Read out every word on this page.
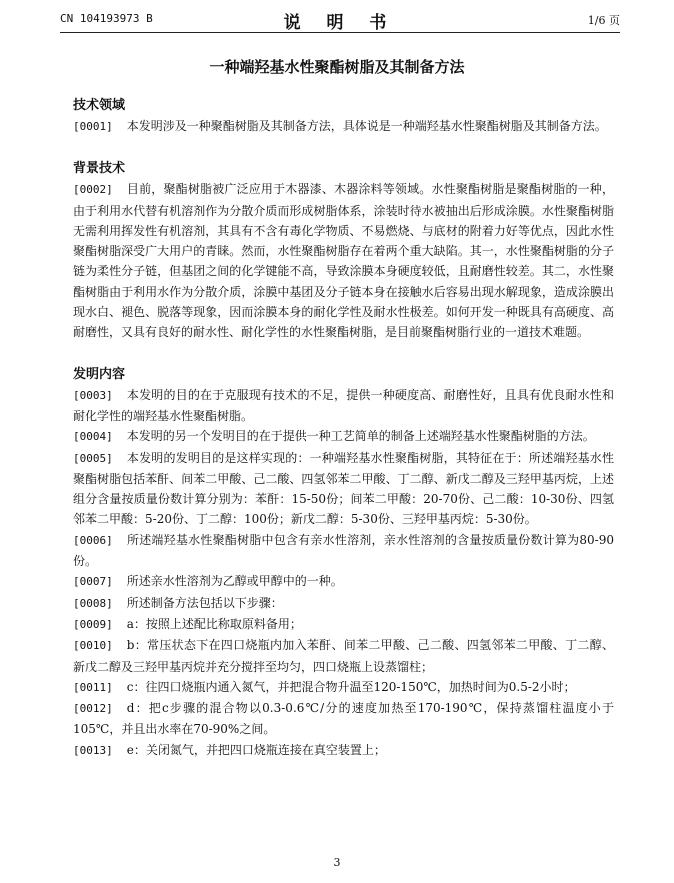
CN 104193973 B	说 明 书	1/6 页
一种端羟基水性聚酯树脂及其制备方法
技术领域

[0001] 本发明涉及一种聚酯树脂及其制备方法，具体说是一种端羟基水性聚酯树脂及其制备方法。

背景技术

[0002] 目前，聚酯树脂被广泛应用于木器漆、木器涂料等领域。水性聚酯树脂是聚酯树脂的一种，由于利用水代替有机溶剂作为分散介质而形成树脂体系，涂装时待水被抽出后形成涂膜。水性聚酯树脂无需利用挥发性有机溶剂，其具有不含有毒化学物质、不易燃烧、与底材的附着力好等优点，因此水性聚酯树脂深受广大用户的青睐。然而，水性聚酯树脂存在着两个重大缺陷。其一，水性聚酯树脂的分子链为柔性分子链，但基团之间的化学键能不高，导致涂膜本身硬度较低，且耐磨性较差。其二，水性聚酯树脂由于利用水作为分散介质，涂膜中基团及分子链本身在接触水后容易出现水解现象，造成涂膜出现水白、褪色、脱落等现象，因而涂膜本身的耐化学性及耐水性极差。如何开发一种既具有高硬度、高耐磨性，又具有良好的耐水性、耐化学性的水性聚酯树脂，是目前聚酯树脂行业的一道技术难题。

发明内容

[0003] 本发明的目的在于克服现有技术的不足，提供一种硬度高、耐磨性好，且具有优良耐水性和耐化学性的端羟基水性聚酯树脂。

[0004] 本发明的另一个发明目的在于提供一种工艺简单的制备上述端羟基水性聚酯树脂的方法。

[0005] 本发明的发明目的是这样实现的：一种端羟基水性聚酯树脂，其特征在于：所述端羟基水性聚酯树脂包括苯酐、间苯二甲酸、己二酸、四氢邻苯二甲酸、丁二醇、新戊二醇及三羟甲基丙烷，上述组分含量按质量份数计算分别为：苯酐：15-50份；间苯二甲酸：20-70份、己二酸：10-30份、四氢邻苯二甲酸：5-20份、丁二醇：100份；新戊二醇：5-30份、三羟甲基丙烷：5-30份。

[0006] 所述端羟基水性聚酯树脂中包含有亲水性溶剂，亲水性溶剂的含量按质量份数计算为80-90份。

[0007] 所述亲水性溶剂为乙醇或甲醇中的一种。

[0008] 所述制备方法包括以下步骤：

[0009] a：按照上述配比称取原料备用；

[0010] b：常压状态下在四口烧瓶内加入苯酐、间苯二甲酸、己二酸、四氢邻苯二甲酸、丁二醇、新戊二醇及三羟甲基丙烷并充分搅拌至均匀，四口烧瓶上设蒸馏柱；

[0011] c：往四口烧瓶内通入氮气，并把混合物升温至120-150℃，加热时间为0.5-2小时；

[0012] d：把c步骤的混合物以0.3-0.6℃/分的速度加热至170-190℃，保持蒸馏柱温度小于105℃，并且出水率在70-90%之间。

[0013] e：关闭氮气，并把四口烧瓶连接在真空装置上；

3
